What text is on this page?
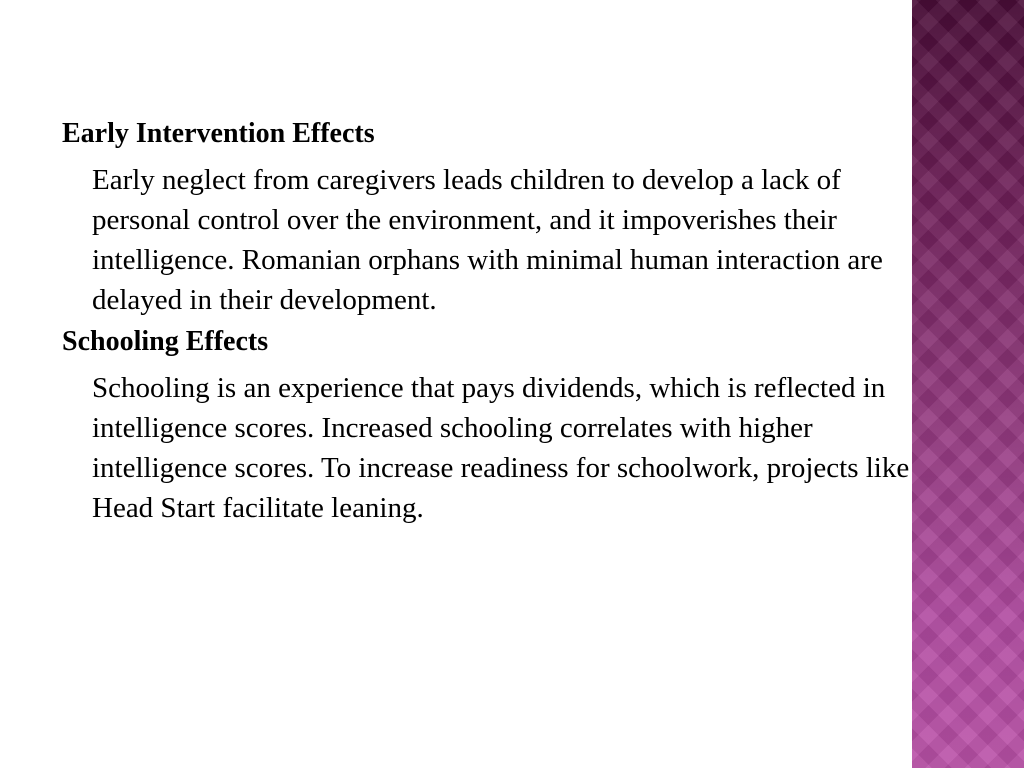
Early Intervention Effects
Early neglect from caregivers leads children to develop a lack of personal control over the environment, and it impoverishes their intelligence. Romanian orphans with minimal human interaction are delayed in their development.
Schooling Effects
Schooling is an experience that pays dividends, which is reflected in intelligence scores. Increased schooling correlates with higher intelligence scores. To increase readiness for schoolwork, projects like Head Start facilitate leaning.
